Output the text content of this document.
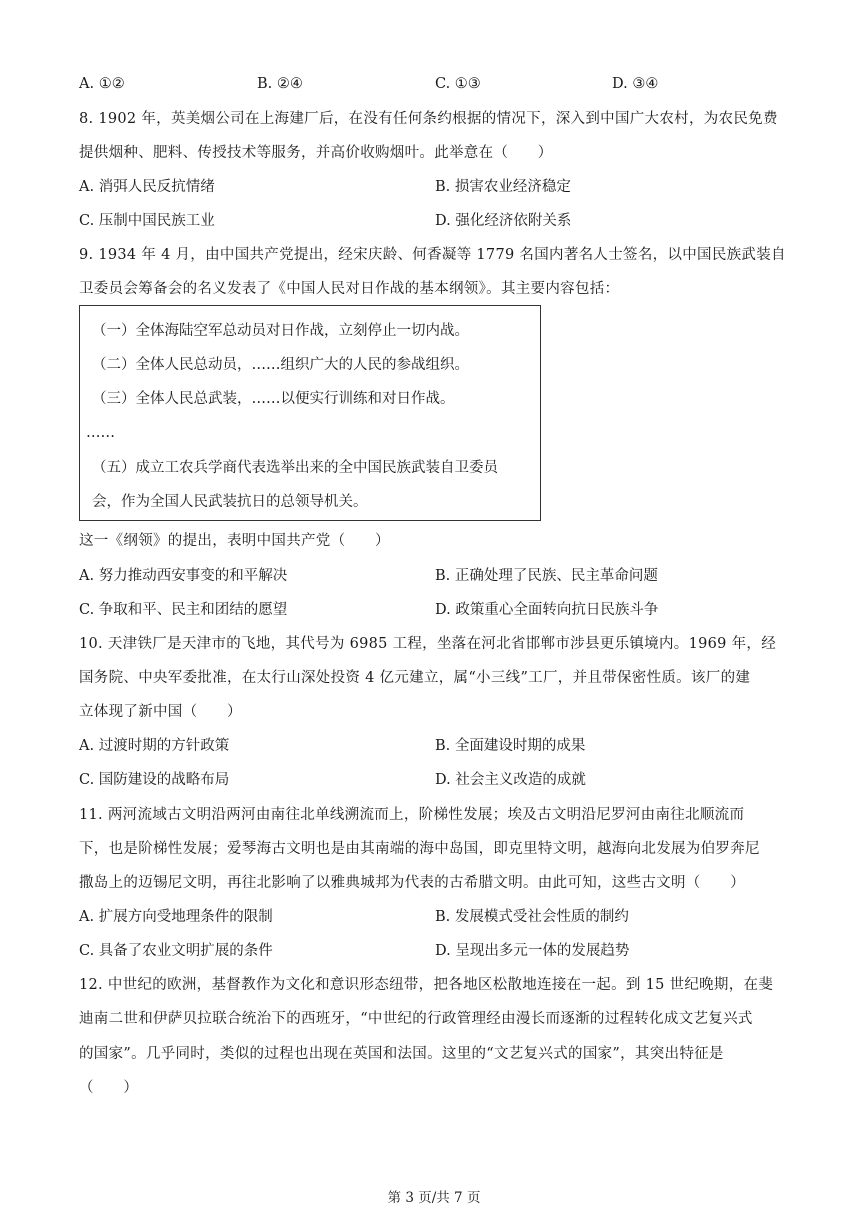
A. ①②	B. ②④	C. ①③	D. ③④
8. 1902 年，英美烟公司在上海建厂后，在没有任何条约根据的情况下，深入到中国广大农村，为农民免费
提供烟种、肥料、传授技术等服务，并高价收购烟叶。此举意在（　　）
A. 消弭人民反抗情绪	B. 损害农业经济稳定
C. 压制中国民族工业	D. 强化经济依附关系
9. 1934 年 4 月，由中国共产党提出，经宋庆龄、何香凝等 1779 名国内著名人士签名，以中国民族武装自
卫委员会筹备会的名义发表了《中国人民对日作战的基本纲领》。其主要内容包括：
（一）全体海陆空军总动员对日作战，立刻停止一切内战。
（二）全体人民总动员，……组织广大的人民的参战组织。
（三）全体人民总武装，……以便实行训练和对日作战。
……
（五）成立工农兵学商代表选举出来的全中国民族武装自卫委员
会，作为全国人民武装抗日的总领导机关。
这一《纲领》的提出，表明中国共产党（　　）
A. 努力推动西安事变的和平解决	B. 正确处理了民族、民主革命问题
C. 争取和平、民主和团结的愿望	D. 政策重心全面转向抗日民族斗争
10. 天津铁厂是天津市的飞地，其代号为 6985 工程，坐落在河北省邯郸市涉县更乐镇境内。1969 年，经
国务院、中央军委批准，在太行山深处投资 4 亿元建立，属“小三线”工厂，并且带保密性质。该厂的建
立体现了新中国（　　）
A. 过渡时期的方针政策	B. 全面建设时期的成果
C. 国防建设的战略布局	D. 社会主义改造的成就
11. 两河流域古文明沿两河由南往北单线溯流而上，阶梯性发展；埃及古文明沿尼罗河由南往北顺流而
下，也是阶梯性发展；爱琴海古文明也是由其南端的海中岛国，即克里特文明，越海向北发展为伯罗奔尼
撒岛上的迈锡尼文明，再往北影响了以雅典城邦为代表的古希腊文明。由此可知，这些古文明（　　）
A. 扩展方向受地理条件的限制	B. 发展模式受社会性质的制约
C. 具备了农业文明扩展的条件	D. 呈现出多元一体的发展趋势
12. 中世纪的欧洲，基督教作为文化和意识形态纽带，把各地区松散地连接在一起。到 15 世纪晚期，在斐
迪南二世和伊萨贝拉联合统治下的西班牙，“中世纪的行政管理经由漫长而逐渐的过程转化成文艺复兴式
的国家”。几乎同时，类似的过程也出现在英国和法国。这里的“文艺复兴式的国家”，其突出特征是
（　　）
第 3 页/共 7 页
